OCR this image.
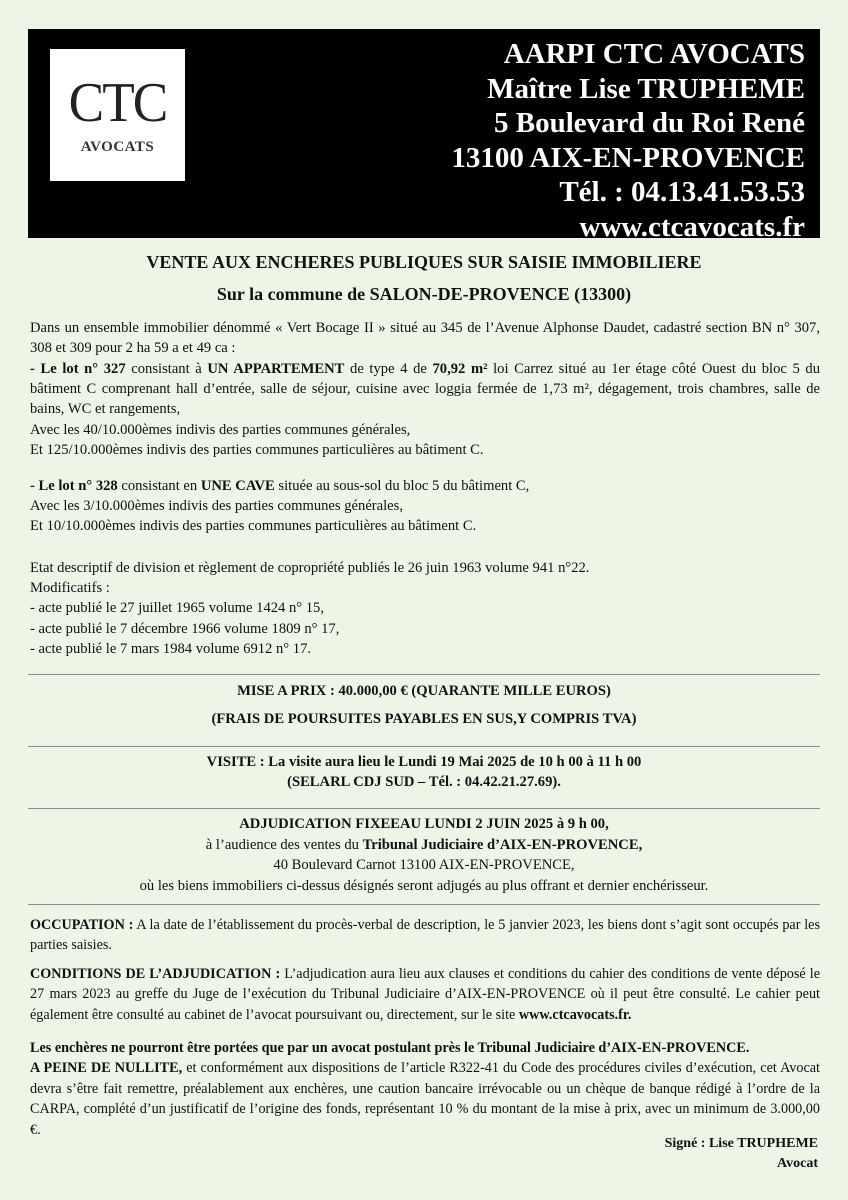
CTC
AVOCATS
AARPI CTC AVOCATS
Maître Lise TRUPHEME
5 Boulevard du Roi René
13100 AIX-EN-PROVENCE
Tél. : 04.13.41.53.53
www.ctcavocats.fr
VENTE AUX ENCHERES PUBLIQUES SUR SAISIE IMMOBILIERE
Sur la commune de SALON-DE-PROVENCE (13300)
Dans un ensemble immobilier dénommé « Vert Bocage II » situé au 345 de l’Avenue Alphonse Daudet, cadastré section BN n° 307, 308 et 309 pour 2 ha 59 a et 49 ca :

- Le lot n° 327 consistant à UN APPARTEMENT de type 4 de 70,92 m² loi Carrez situé au 1er étage côté Ouest du bloc 5 du bâtiment C comprenant hall d’entrée, salle de séjour, cuisine avec loggia fermée de 1,73 m², dégagement, trois chambres, salle de bains, WC et rangements,

Avec les 40/10.000èmes indivis des parties communes générales,

Et 125/10.000èmes indivis des parties communes particulières au bâtiment C.

- Le lot n° 328 consistant en UNE CAVE située au sous-sol du bloc 5 du bâtiment C,

Avec les 3/10.000èmes indivis des parties communes générales,

Et 10/10.000èmes indivis des parties communes particulières au bâtiment C.

Etat descriptif de division et règlement de copropriété publiés le 26 juin 1963 volume 941 n°22.

Modificatifs :

- acte publié le 27 juillet 1965 volume 1424 n° 15,

- acte publié le 7 décembre 1966 volume 1809 n° 17,

- acte publié le 7 mars 1984 volume 6912 n° 17.

MISE A PRIX : 40.000,00 € (QUARANTE MILLE EUROS)
(FRAIS DE POURSUITES PAYABLES EN SUS,Y COMPRIS TVA)
VISITE : La visite aura lieu le Lundi 19 Mai 2025 de 10 h 00 à 11 h 00
(SELARL CDJ SUD – Tél. : 04.42.21.27.69).
ADJUDICATION FIXEEAU LUNDI 2 JUIN 2025 à 9 h 00,
à l’audience des ventes du Tribunal Judiciaire d’AIX-EN-PROVENCE,
40 Boulevard Carnot 13100 AIX-EN-PROVENCE,
où les biens immobiliers ci-dessus désignés seront adjugés au plus offrant et dernier enchérisseur.
OCCUPATION : A la date de l’établissement du procès-verbal de description, le 5 janvier 2023, les biens dont s’agit sont occupés par les parties saisies.
CONDITIONS DE L’ADJUDICATION : L’adjudication aura lieu aux clauses et conditions du cahier des conditions de vente déposé le 27 mars 2023 au greffe du Juge de l’exécution du Tribunal Judiciaire d’AIX-EN-PROVENCE où il peut être consulté. Le cahier peut également être consulté au cabinet de l’avocat poursuivant ou, directement, sur le site www.ctcavocats.fr.

Les enchères ne pourront être portées que par un avocat postulant près le Tribunal Judiciaire d’AIX-EN-PROVENCE.

A PEINE DE NULLITE, et conformément aux dispositions de l’article R322-41 du Code des procédures civiles d’exécution, cet Avocat devra s’être fait remettre, préalablement aux enchères, une caution bancaire irrévocable ou un chèque de banque rédigé à l’ordre de la CARPA, complété d’un justificatif de l’origine des fonds, représentant 10 % du montant de la mise à prix, avec un minimum de 3.000,00 €.

Signé : Lise TRUPHEME
Avocat
